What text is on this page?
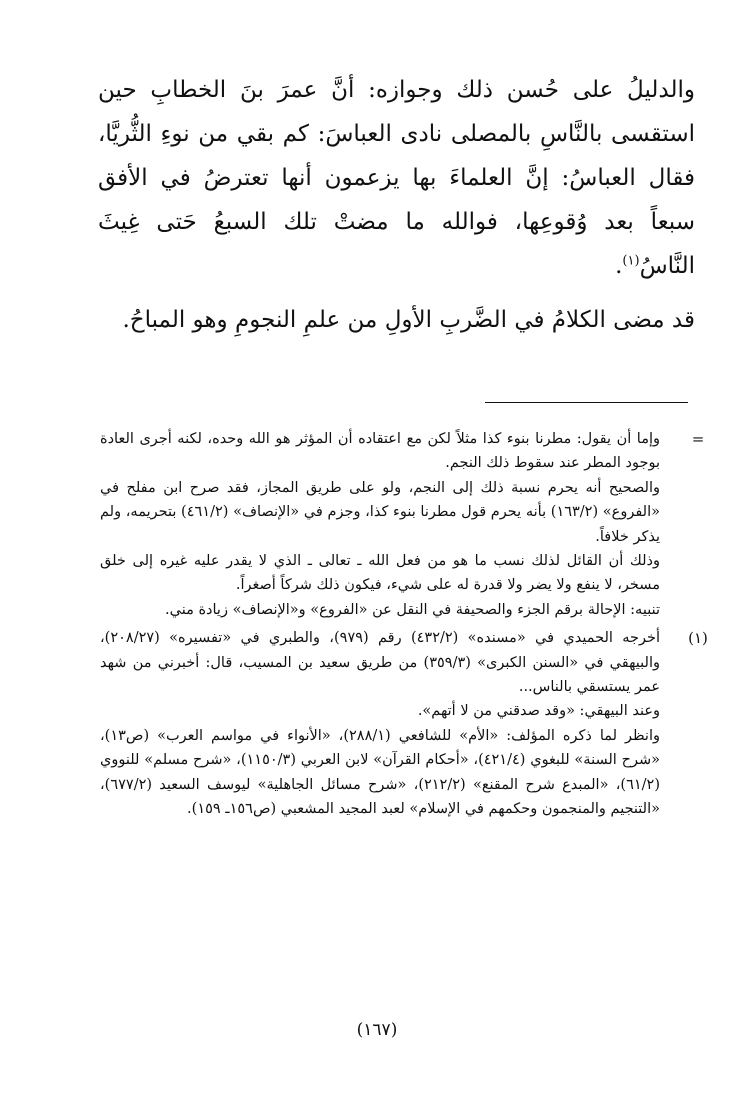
والدليلُ على حُسن ذلك وجوازه: أنَّ عمرَ بنَ الخطابِ حين استقسى بالنَّاسِ بالمصلى نادى العباسَ: كم بقي من نوءِ الثُّريَّا، فقال العباسُ: إنَّ العلماءَ بها يزعمون أنها تعترضُ في الأفق سبعاً بعد وُقوعِها، فوالله ما مضتْ تلك السبعُ حَتى غِيثَ النَّاسُ$^{(١)}$.

قد مضى الكلامُ في الضَّربِ الأولِ من علمِ النجومِ وهو المباحُ.

=

وإما أن يقول: مطرنا بنوء كذا مثلاً لكن مع اعتقاده أن المؤثر هو الله وحده، لكنه أجرى العادة بوجود المطر عند سقوط ذلك النجم.

والصحيح أنه يحرم نسبة ذلك إلى النجم، ولو على طريق المجاز، فقد صرح ابن مفلح في «الفروع» (١٦٣/٢) بأنه يحرم قول مطرنا بنوء كذا، وجزم في «الإنصاف» (٤٦١/٢) بتحريمه، ولم يذكر خلافاً.

وذلك أن القائل لذلك نسب ما هو من فعل الله ـ تعالى ـ الذي لا يقدر عليه غيره إلى خلق مسخر، لا ينفع ولا يضر ولا قدرة له على شيء، فيكون ذلك شركاً أصغراً.

تنبيه: الإحالة برقم الجزء والصحيفة في النقل عن «الفروع» و«الإنصاف» زيادة مني.

(١)

أخرجه الحميدي في «مسنده» (٤٣٢/٢) رقم (٩٧٩)، والطبري في «تفسيره» (٢٠٨/٢٧)، والبيهقي في «السنن الكبرى» (٣٥٩/٣) من طريق سعيد بن المسيب، قال: أخبرني من شهد عمر يستسقي بالناس...

وعند البيهقي: «وقد صدقني من لا أتهم».

وانظر لما ذكره المؤلف: «الأم» للشافعي (٢٨٨/١)، «الأنواء في مواسم العرب» (ص١٣)، «شرح السنة» للبغوي (٤٢١/٤)، «أحكام القرآن» لابن العربي (١١٥٠/٣)، «شرح مسلم» للنووي (٦١/٢)، «المبدع شرح المقنع» (٢١٢/٢)، «شرح مسائل الجاهلية» ليوسف السعيد (٦٧٧/٢)، «التنجيم والمنجمون وحكمهم في الإسلام» لعبد المجيد المشعبي (ص١٥٦ـ ١٥٩).

(١٦٧)
